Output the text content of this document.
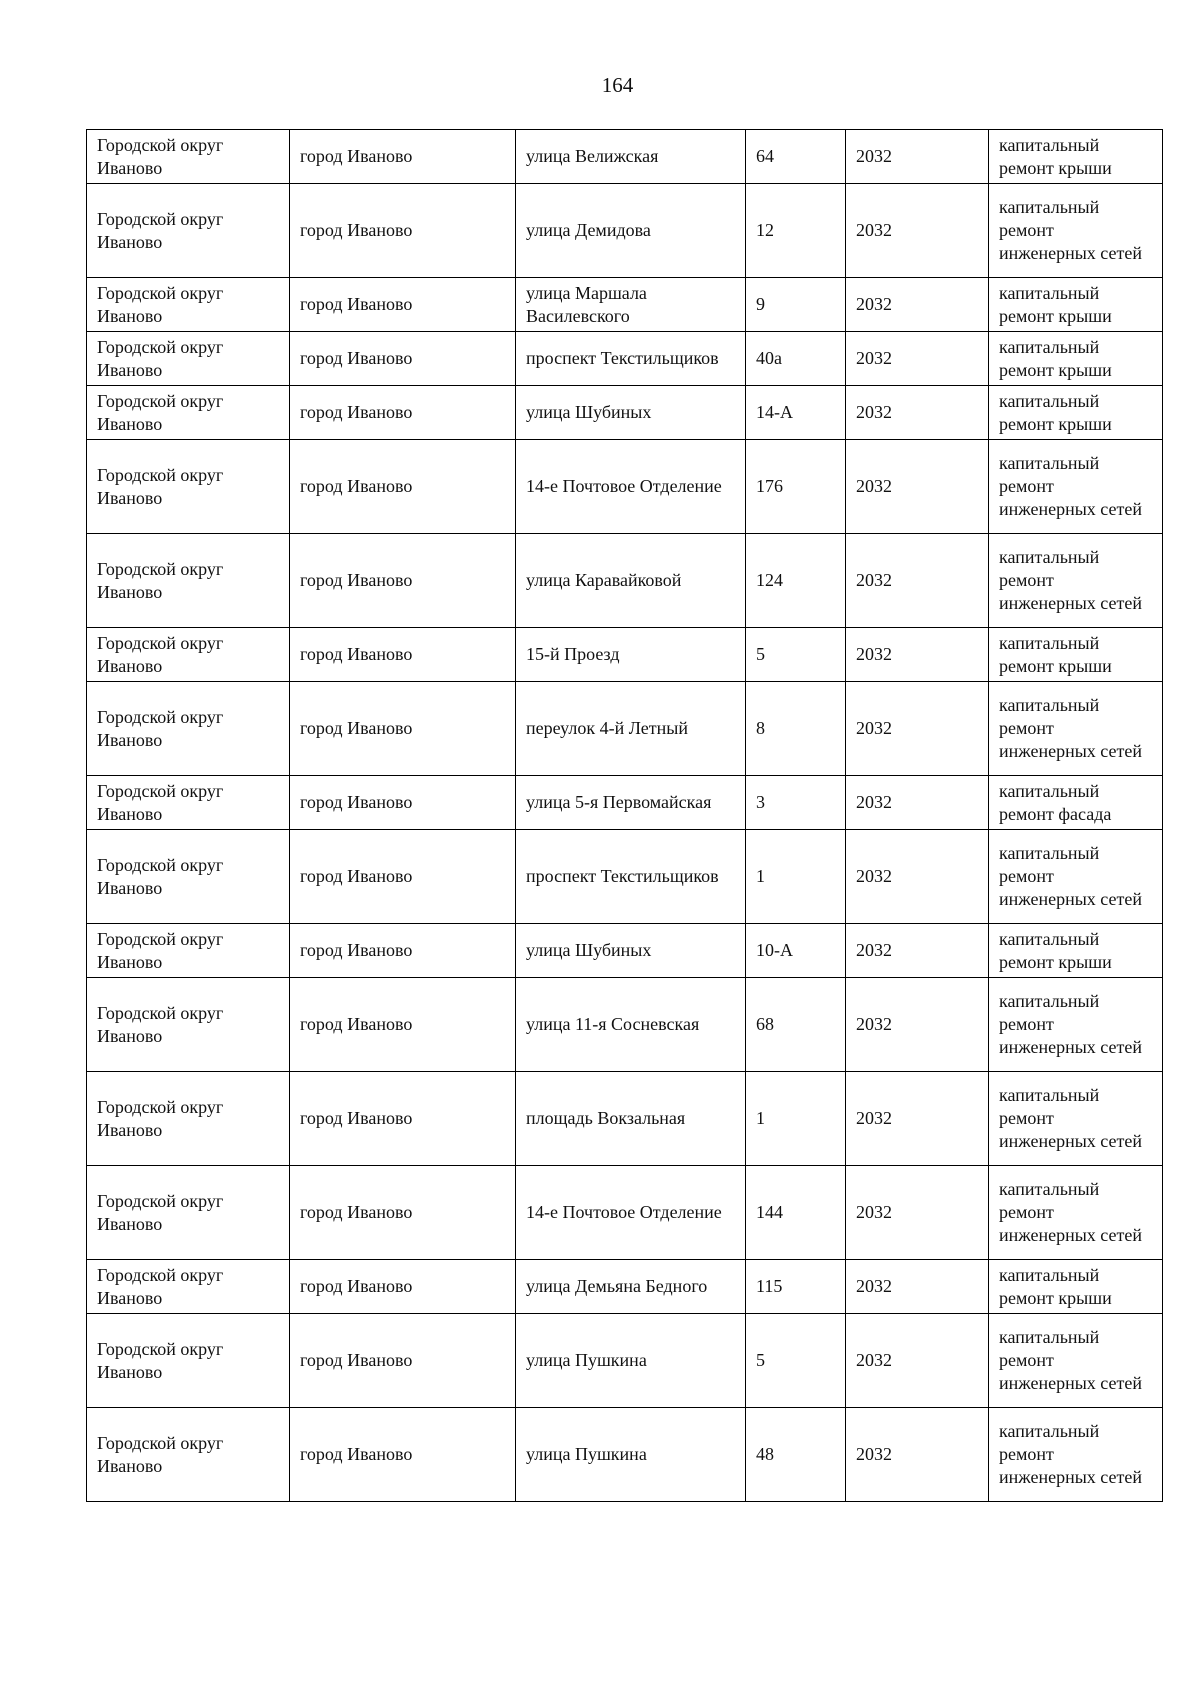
164
Городской округ Иваново	город Иваново	улица Велижская	64	2032	капитальный ремонт крыши
Городской округ Иваново	город Иваново	улица Демидова	12	2032	капитальный ремонт инженерных сетей
Городской округ Иваново	город Иваново	улица Маршала Василевского	9	2032	капитальный ремонт крыши
Городской округ Иваново	город Иваново	проспект Текстильщиков	40а	2032	капитальный ремонт крыши
Городской округ Иваново	город Иваново	улица Шубиных	14-А	2032	капитальный ремонт крыши
Городской округ Иваново	город Иваново	14-е Почтовое Отделение	176	2032	капитальный ремонт инженерных сетей
Городской округ Иваново	город Иваново	улица Каравайковой	124	2032	капитальный ремонт инженерных сетей
Городской округ Иваново	город Иваново	15-й Проезд	5	2032	капитальный ремонт крыши
Городской округ Иваново	город Иваново	переулок 4-й Летный	8	2032	капитальный ремонт инженерных сетей
Городской округ Иваново	город Иваново	улица 5-я Первомайская	3	2032	капитальный ремонт фасада
Городской округ Иваново	город Иваново	проспект Текстильщиков	1	2032	капитальный ремонт инженерных сетей
Городской округ Иваново	город Иваново	улица Шубиных	10-А	2032	капитальный ремонт крыши
Городской округ Иваново	город Иваново	улица 11-я Сосневская	68	2032	капитальный ремонт инженерных сетей
Городской округ Иваново	город Иваново	площадь Вокзальная	1	2032	капитальный ремонт инженерных сетей
Городской округ Иваново	город Иваново	14-е Почтовое Отделение	144	2032	капитальный ремонт инженерных сетей
Городской округ Иваново	город Иваново	улица Демьяна Бедного	115	2032	капитальный ремонт крыши
Городской округ Иваново	город Иваново	улица Пушкина	5	2032	капитальный ремонт инженерных сетей
Городской округ Иваново	город Иваново	улица Пушкина	48	2032	капитальный ремонт инженерных сетей
